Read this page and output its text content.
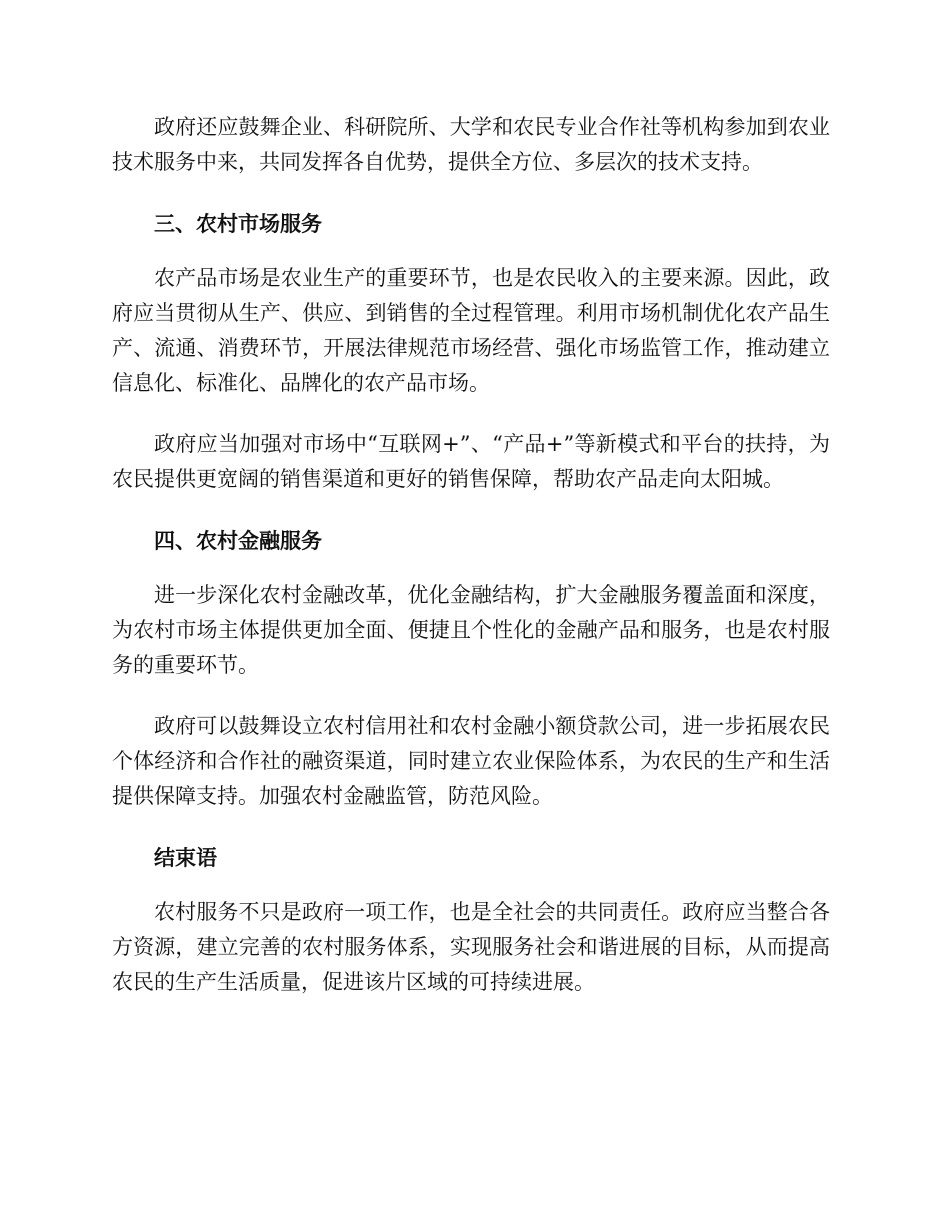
政府还应鼓舞企业、科研院所、大学和农民专业合作社等机构参加到农业技术服务中来，共同发挥各自优势，提供全方位、多层次的技术支持。

三、农村市场服务

农产品市场是农业生产的重要环节，也是农民收入的主要来源。因此，政府应当贯彻从生产、供应、到销售的全过程管理。利用市场机制优化农产品生产、流通、消费环节，开展法律规范市场经营、强化市场监管工作，推动建立信息化、标准化、品牌化的农产品市场。

政府应当加强对市场中“互联网+”、“产品+”等新模式和平台的扶持，为农民提供更宽阔的销售渠道和更好的销售保障，帮助农产品走向太阳城。

四、农村金融服务

进一步深化农村金融改革，优化金融结构，扩大金融服务覆盖面和深度，为农村市场主体提供更加全面、便捷且个性化的金融产品和服务，也是农村服务的重要环节。

政府可以鼓舞设立农村信用社和农村金融小额贷款公司，进一步拓展农民个体经济和合作社的融资渠道，同时建立农业保险体系，为农民的生产和生活提供保障支持。加强农村金融监管，防范风险。

结束语

农村服务不只是政府一项工作，也是全社会的共同责任。政府应当整合各方资源，建立完善的农村服务体系，实现服务社会和谐进展的目标，从而提高农民的生产生活质量，促进该片区域的可持续进展。
